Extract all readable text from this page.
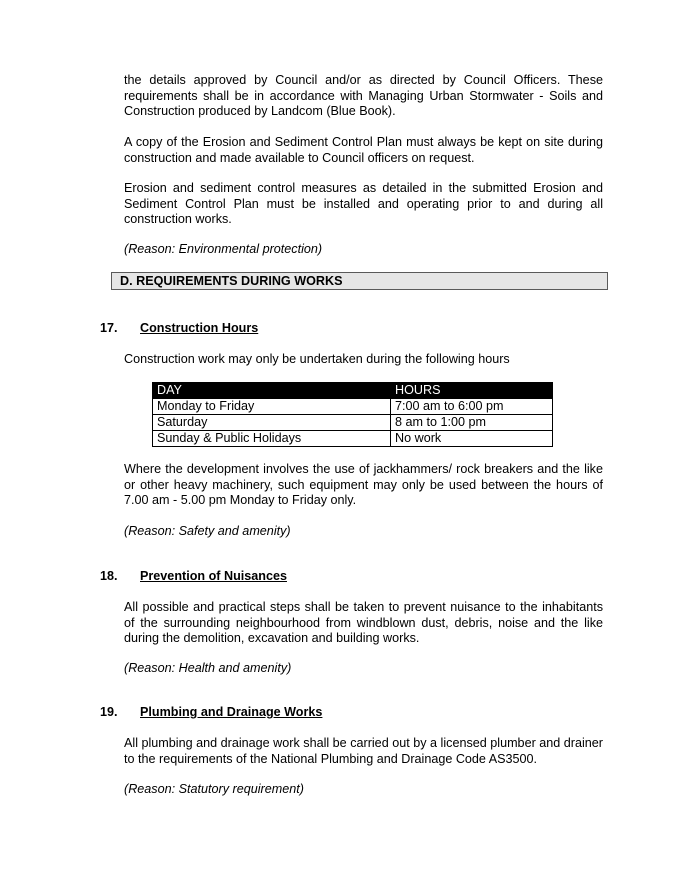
the details approved by Council and/or as directed by Council Officers. These requirements shall be in accordance with Managing Urban Stormwater - Soils and Construction produced by Landcom (Blue Book).

A copy of the Erosion and Sediment Control Plan must always be kept on site during construction and made available to Council officers on request.

Erosion and sediment control measures as detailed in the submitted Erosion and Sediment Control Plan must be installed and operating prior to and during all construction works.

(Reason: Environmental protection)

D. REQUIREMENTS DURING WORKS

17. Construction Hours

Construction work may only be undertaken during the following hours

DAY	HOURS
Monday to Friday	7:00 am to 6:00 pm
Saturday	8 am to 1:00 pm
Sunday & Public Holidays	No work

Where the development involves the use of jackhammers/ rock breakers and the like or other heavy machinery, such equipment may only be used between the hours of 7.00 am - 5.00 pm Monday to Friday only.

(Reason: Safety and amenity)

18. Prevention of Nuisances

All possible and practical steps shall be taken to prevent nuisance to the inhabitants of the surrounding neighbourhood from windblown dust, debris, noise and the like during the demolition, excavation and building works.

(Reason: Health and amenity)

19. Plumbing and Drainage Works

All plumbing and drainage work shall be carried out by a licensed plumber and drainer to the requirements of the National Plumbing and Drainage Code AS3500.

(Reason: Statutory requirement)
